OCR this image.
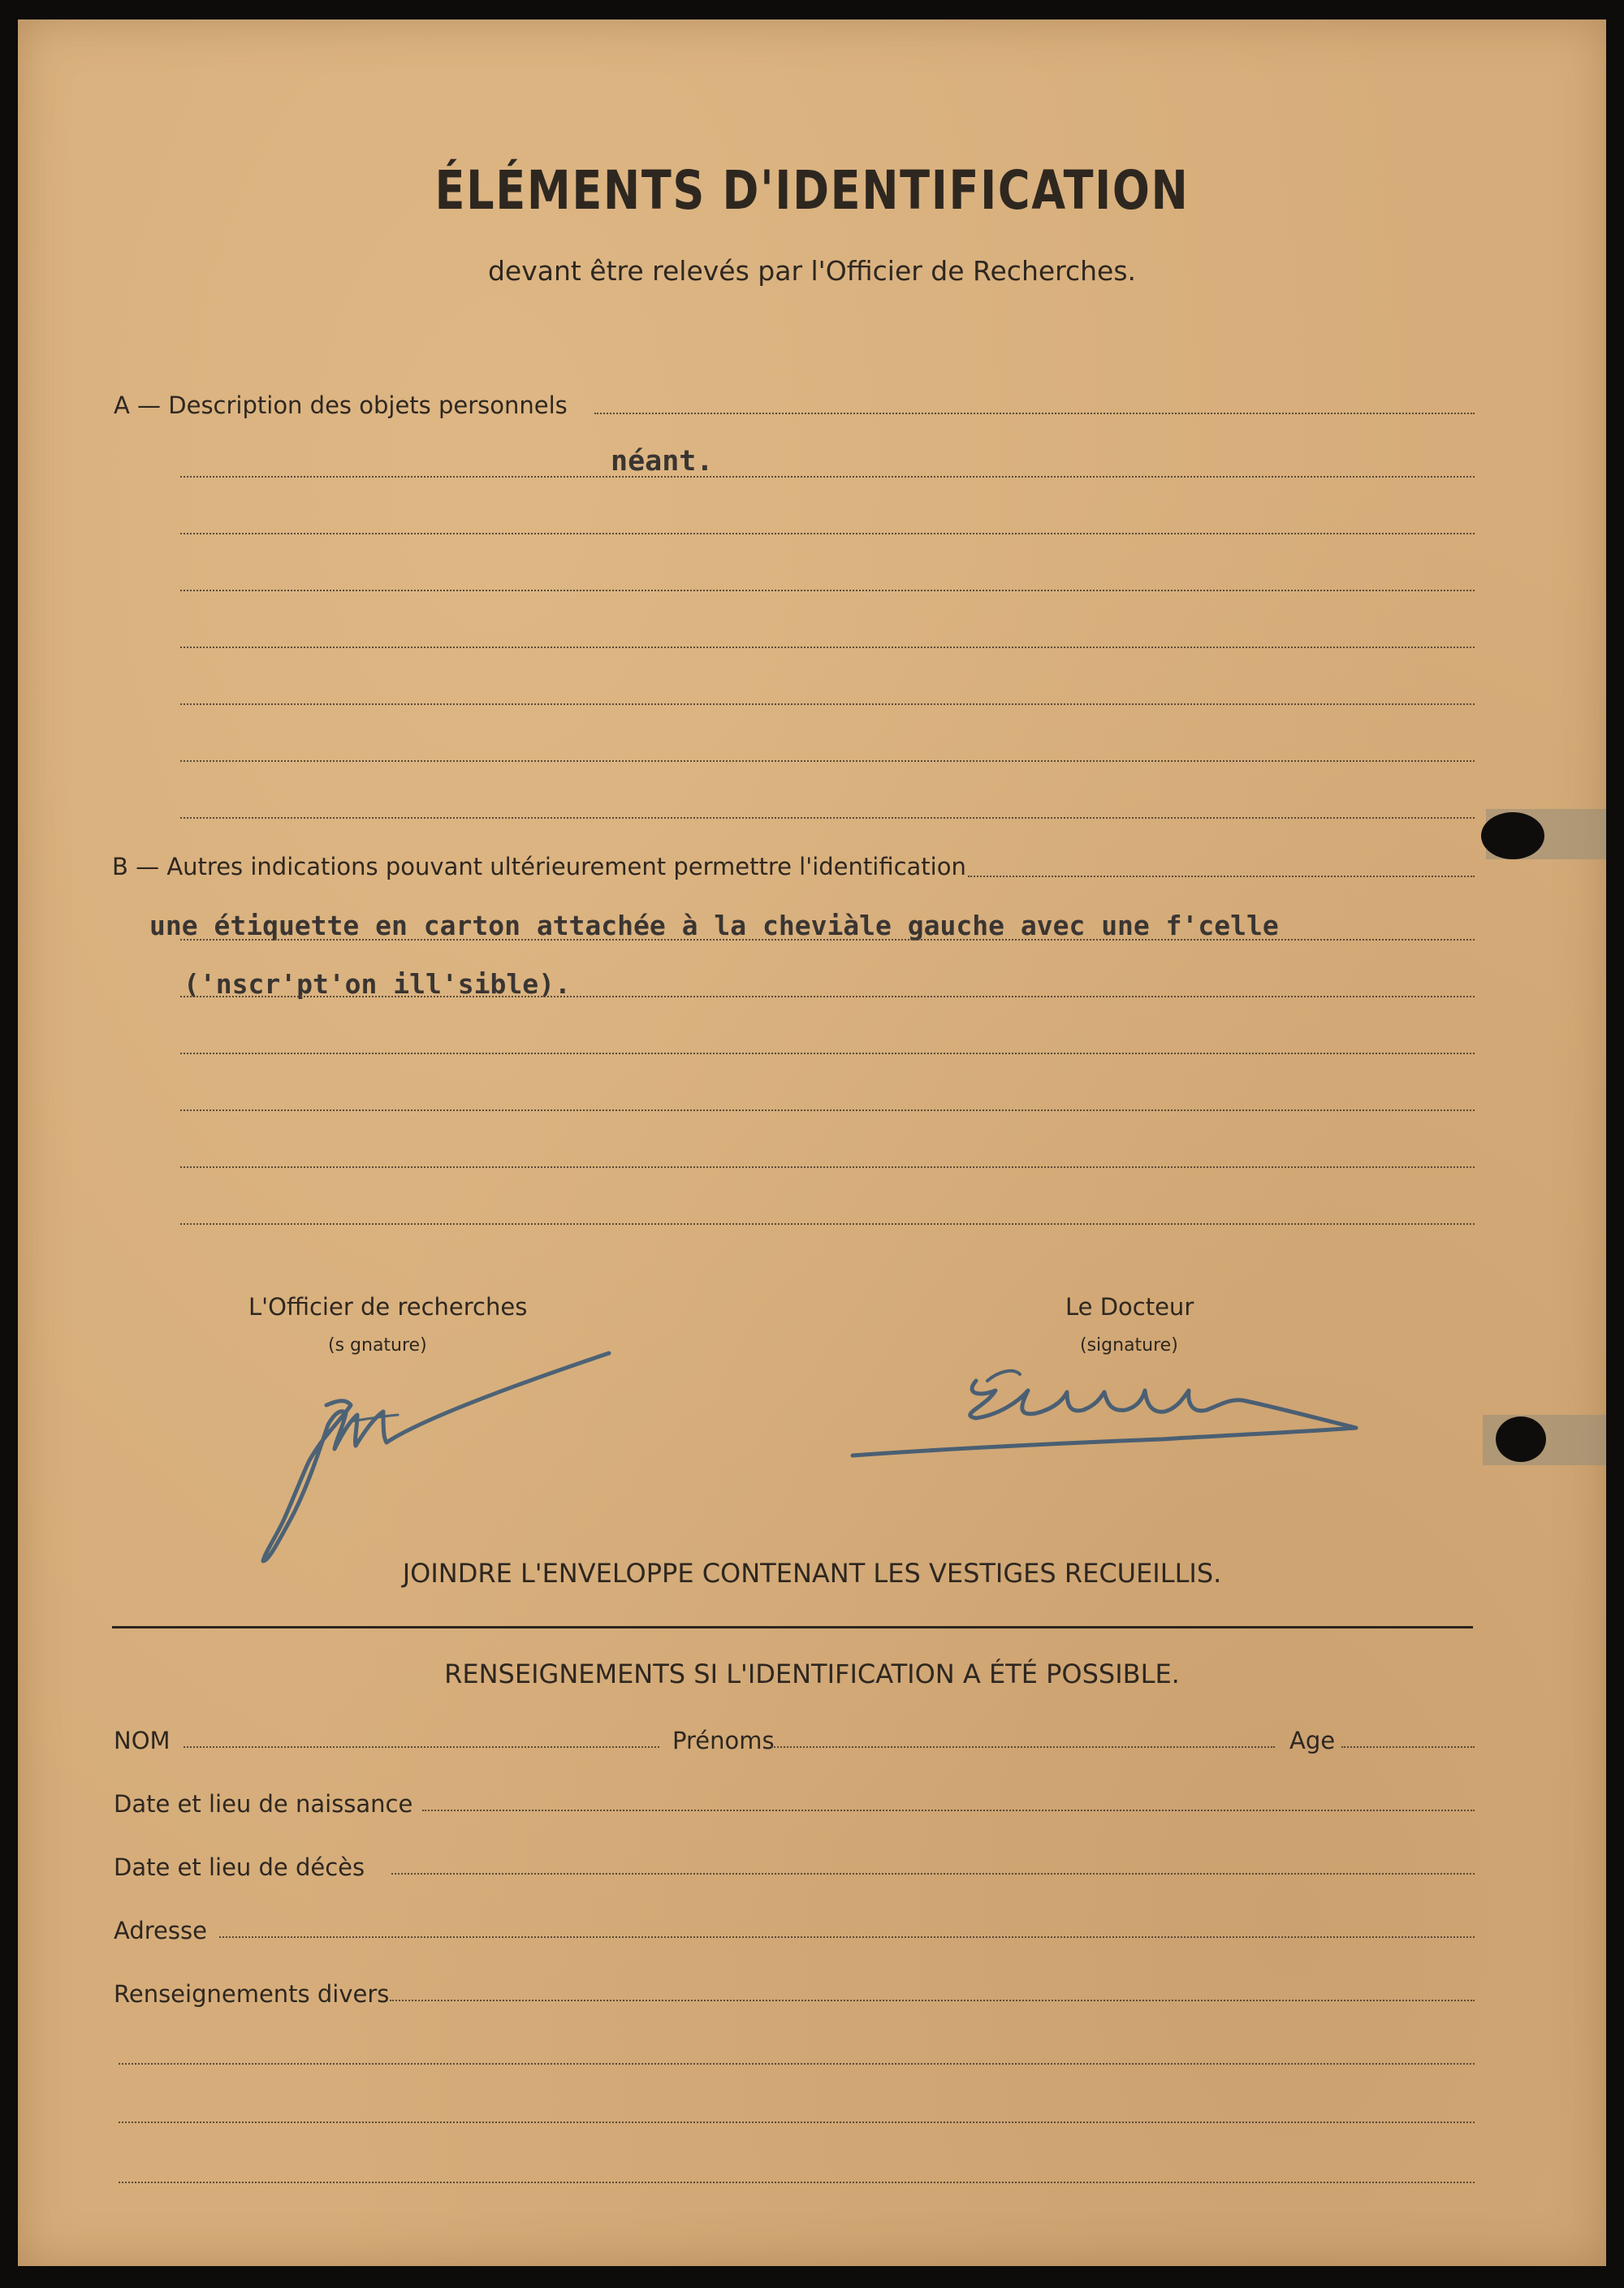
ÉLÉMENTS D'IDENTIFICATION
devant être relevés par l'Officier de Recherches.
A — Description des objets personnels
néant.
B — Autres indications pouvant ultérieurement permettre l'identification
une étiquette en carton attachée à la cheviàle gauche avec une f'celle
('nscr'pt'on ill'sible).
L'Officier de recherches
(s gnature)
Le Docteur
(signature)
JOINDRE L'ENVELOPPE CONTENANT LES VESTIGES RECUEILLIS.
RENSEIGNEMENTS SI L'IDENTIFICATION A ÉTÉ POSSIBLE.
NOM	Prénoms	Age
Date et lieu de naissance
Date et lieu de décès
Adresse
Renseignements divers
